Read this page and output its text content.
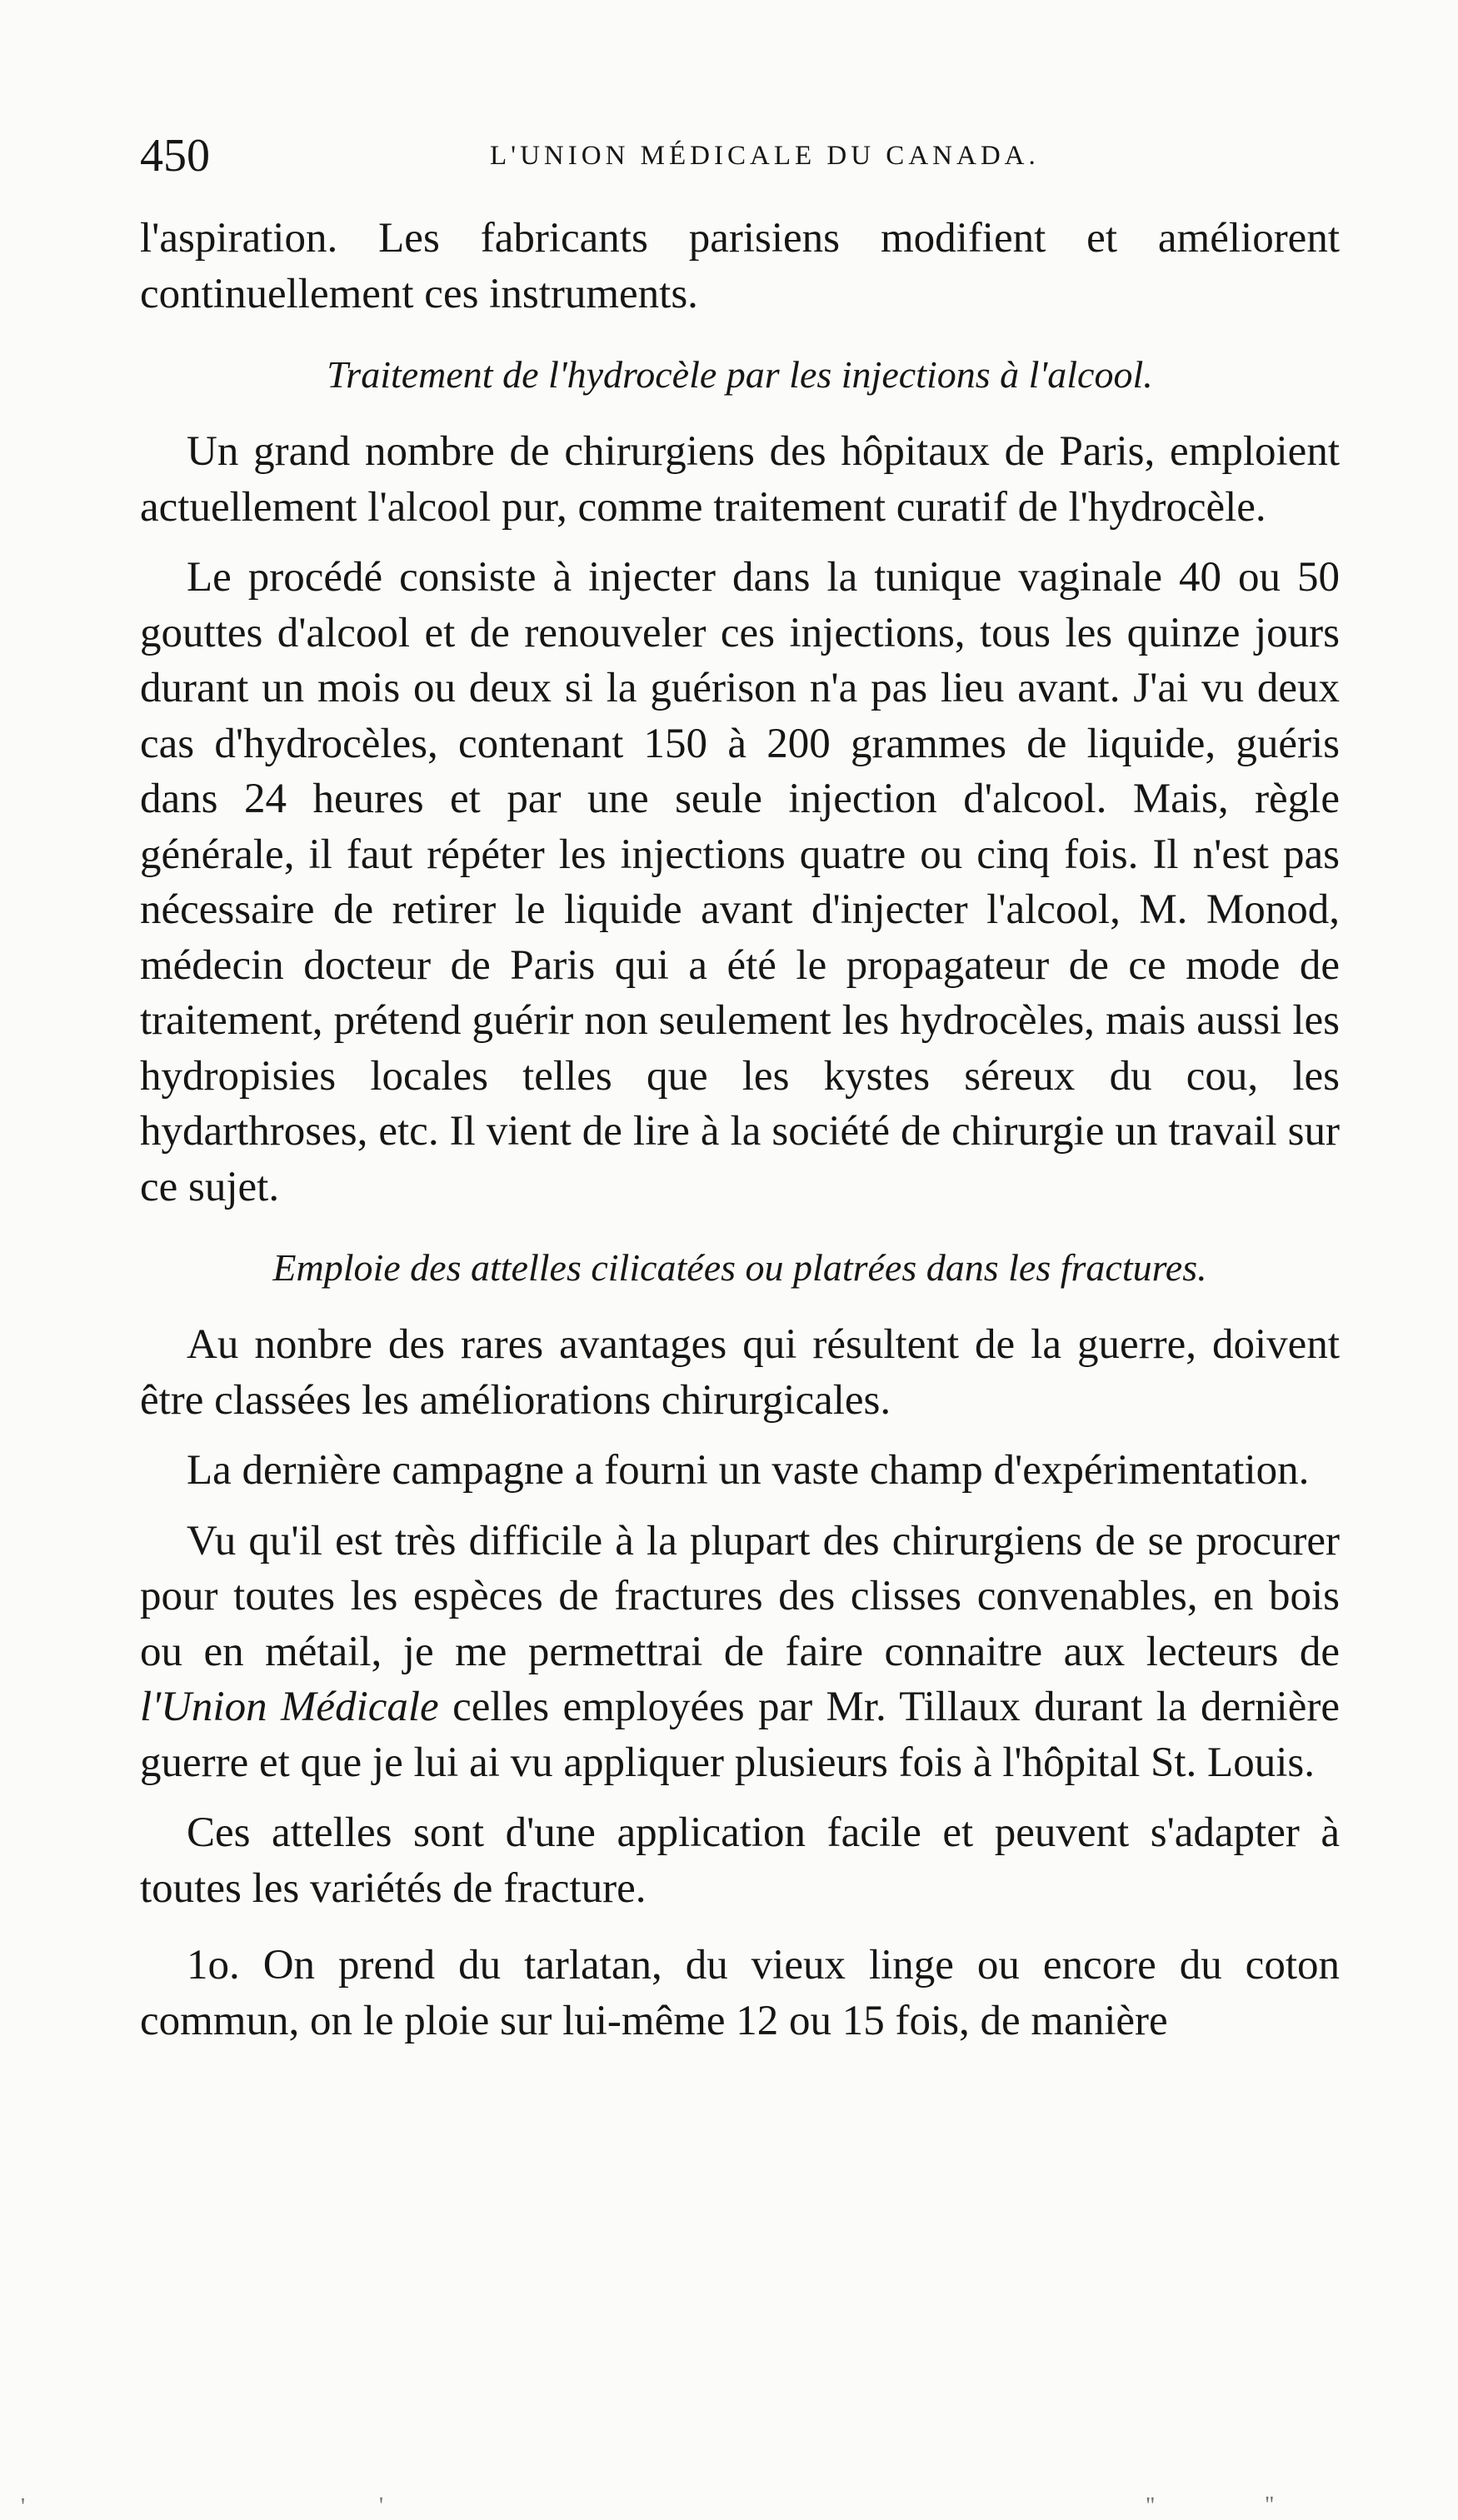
450	L'UNION MÉDICALE DU CANADA.

l'aspiration. Les fabricants parisiens modifient et améliorent continuellement ces instruments.

Traitement de l'hydrocèle par les injections à l'alcool.

Un grand nombre de chirurgiens des hôpitaux de Paris, emploient actuellement l'alcool pur, comme traitement curatif de l'hydrocèle.

Le procédé consiste à injecter dans la tunique vaginale 40 ou 50 gouttes d'alcool et de renouveler ces injections, tous les quinze jours durant un mois ou deux si la guérison n'a pas lieu avant. J'ai vu deux cas d'hydrocèles, contenant 150 à 200 grammes de liquide, guéris dans 24 heures et par une seule injection d'alcool. Mais, règle générale, il faut répéter les injections quatre ou cinq fois. Il n'est pas nécessaire de retirer le liquide avant d'injecter l'alcool, M. Monod, médecin docteur de Paris qui a été le propagateur de ce mode de traitement, prétend guérir non seulement les hydrocèles, mais aussi les hydropisies locales telles que les kystes séreux du cou, les hydarthroses, etc. Il vient de lire à la société de chirurgie un travail sur ce sujet.

Emploie des attelles cilicatées ou platrées dans les fractures.

Au nonbre des rares avantages qui résultent de la guerre, doivent être classées les améliorations chirurgicales.

La dernière campagne a fourni un vaste champ d'expérimentation.

Vu qu'il est très difficile à la plupart des chirurgiens de se procurer pour toutes les espèces de fractures des clisses convenables, en bois ou en métail, je me permettrai de faire connaitre aux lecteurs de l'Union Médicale celles employées par Mr. Tillaux durant la dernière guerre et que je lui ai vu appliquer plusieurs fois à l'hôpital St. Louis.

Ces attelles sont d'une application facile et peuvent s'adapter à toutes les variétés de fracture.

1o. On prend du tarlatan, du vieux linge ou encore du coton commun, on le ploie sur lui-même 12 ou 15 fois, de manière

'	'	"	"
